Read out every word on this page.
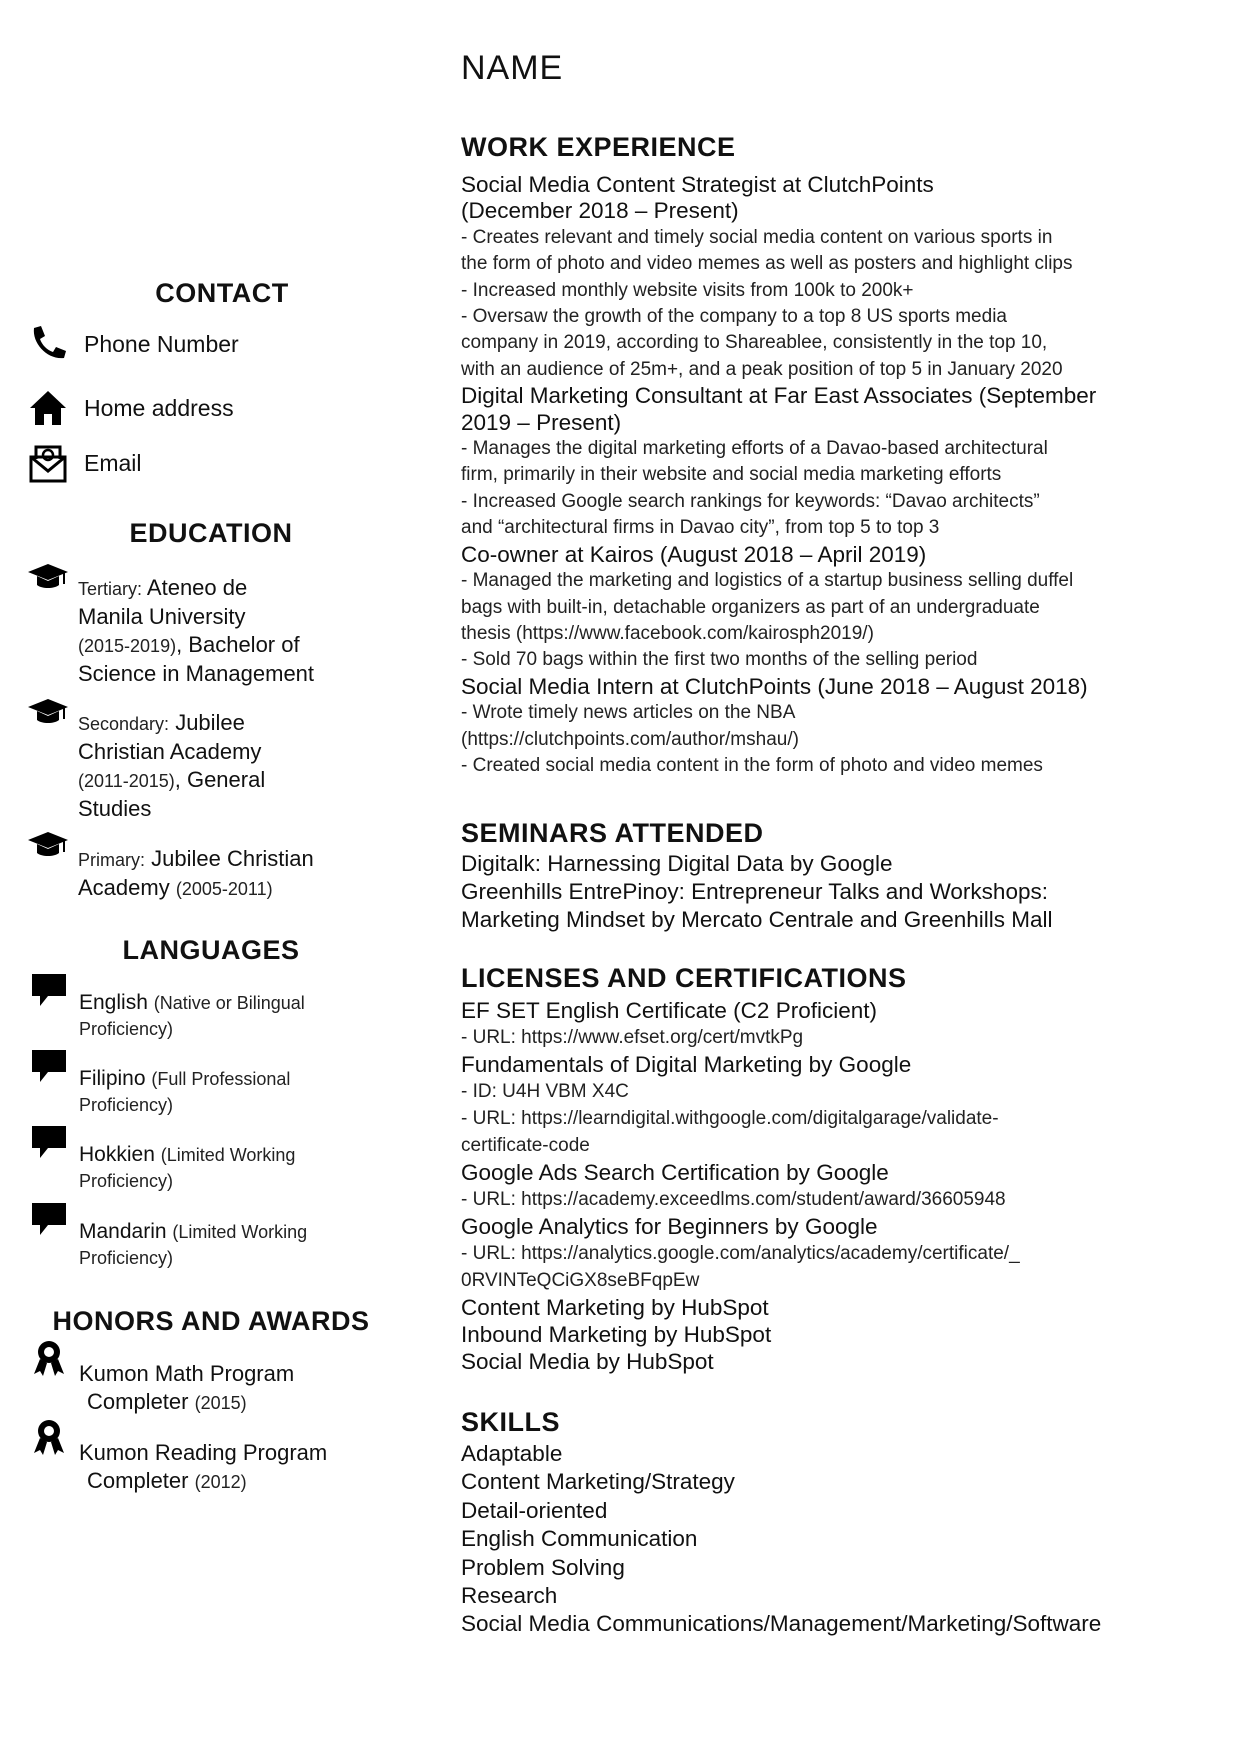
CONTACT
Phone Number
Home address
Email
EDUCATION
Tertiary: Ateneo de
Manila University
(2015-2019), Bachelor of
Science in Management
Secondary: Jubilee
Christian Academy
(2011-2015), General
Studies
Primary: Jubilee Christian
Academy (2005-2011)
LANGUAGES
English (Native or Bilingual
Proficiency)
Filipino (Full Professional
Proficiency)
Hokkien (Limited Working
Proficiency)
Mandarin (Limited Working
Proficiency)
HONORS AND AWARDS
Kumon Math Program
Completer (2015)
Kumon Reading Program
Completer (2012)
NAME
WORK EXPERIENCE
Social Media Content Strategist at ClutchPoints
(December 2018 – Present)
- Creates relevant and timely social media content on various sports in
the form of photo and video memes as well as posters and highlight clips
- Increased monthly website visits from 100k to 200k+
- Oversaw the growth of the company to a top 8 US sports media
company in 2019, according to Shareablee, consistently in the top 10,
with an audience of 25m+, and a peak position of top 5 in January 2020
Digital Marketing Consultant at Far East Associates (September
2019 – Present)
- Manages the digital marketing efforts of a Davao-based architectural
firm, primarily in their website and social media marketing efforts
- Increased Google search rankings for keywords: “Davao architects”
and “architectural firms in Davao city”, from top 5 to top 3
Co-owner at Kairos (August 2018 – April 2019)
- Managed the marketing and logistics of a startup business selling duffel
bags with built-in, detachable organizers as part of an undergraduate
thesis (https://www.facebook.com/kairosph2019/)
- Sold 70 bags within the first two months of the selling period
Social Media Intern at ClutchPoints (June 2018 – August 2018)
- Wrote timely news articles on the NBA
(https://clutchpoints.com/author/mshau/)
- Created social media content in the form of photo and video memes
SEMINARS ATTENDED
Digitalk: Harnessing Digital Data by Google
Greenhills EntrePinoy: Entrepreneur Talks and Workshops:
Marketing Mindset by Mercato Centrale and Greenhills Mall
LICENSES AND CERTIFICATIONS
EF SET English Certificate (C2 Proficient)
- URL: https://www.efset.org/cert/mvtkPg
Fundamentals of Digital Marketing by Google
- ID: U4H VBM X4C
- URL: https://learndigital.withgoogle.com/digitalgarage/validate-
certificate-code
Google Ads Search Certification by Google
- URL: https://academy.exceedlms.com/student/award/36605948
Google Analytics for Beginners by Google
- URL: https://analytics.google.com/analytics/academy/certificate/_
0RVINTeQCiGX8seBFqpEw
Content Marketing by HubSpot
Inbound Marketing by HubSpot
Social Media by HubSpot
SKILLS
Adaptable
Content Marketing/Strategy
Detail-oriented
English Communication
Problem Solving
Research
Social Media Communications/Management/Marketing/Software
